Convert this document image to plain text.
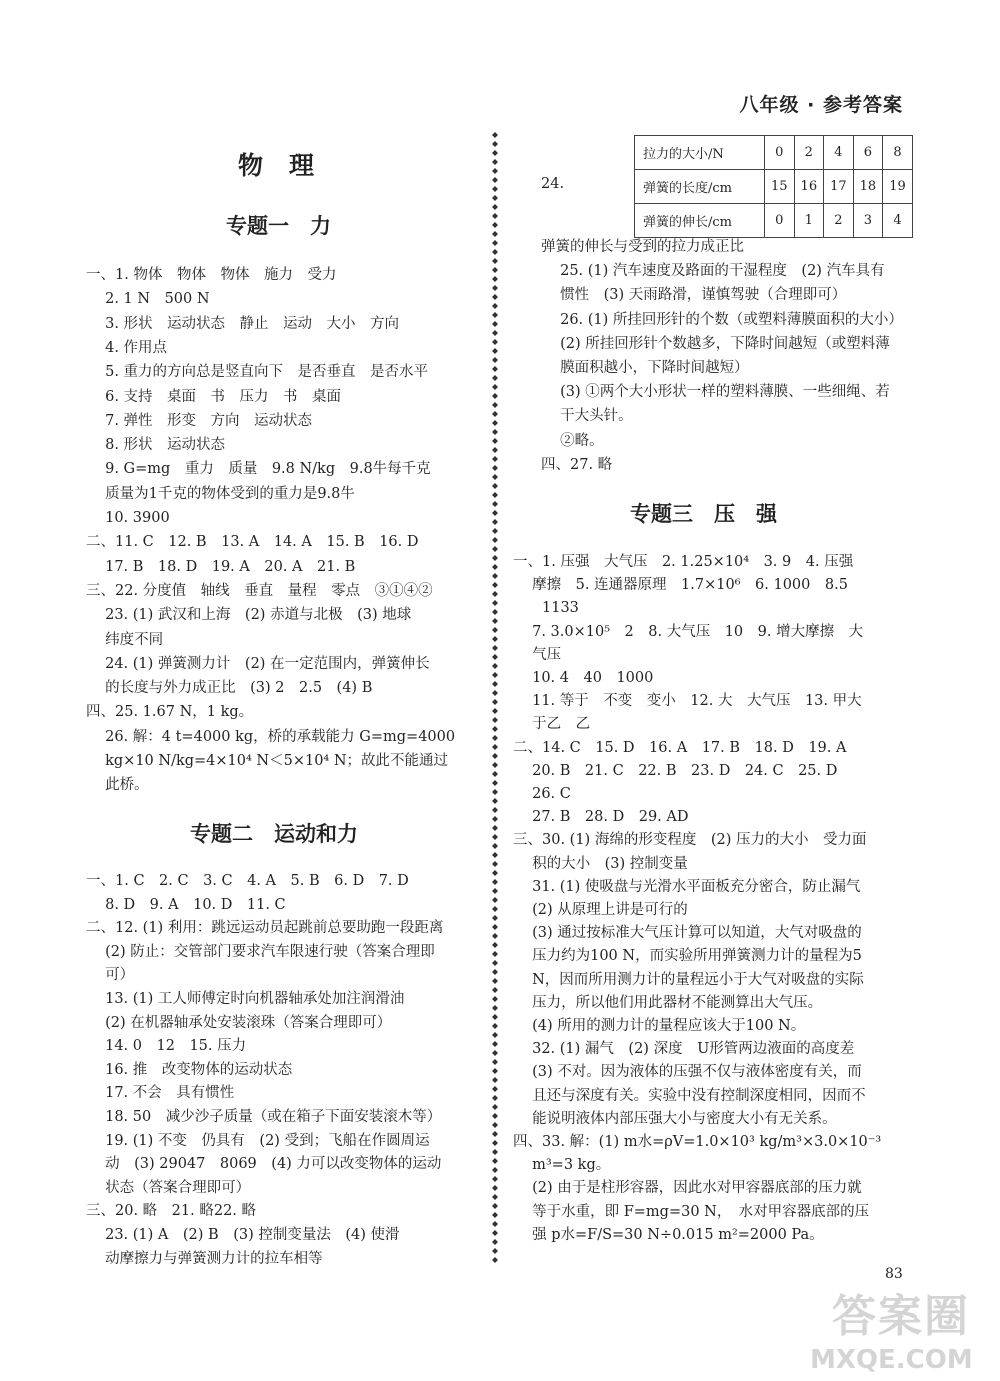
八年级 · 参考答案
物理
专题一　力
一、1. 物体　物体　物体　施力　受力
　 2. 1 N　500 N
　 3. 形状　运动状态　静止　运动　大小　方向
　 4. 作用点
　 5. 重力的方向总是竖直向下　是否垂直　是否水平
　 6. 支持　桌面　书　压力　书　桌面
　 7. 弹性　形变　方向　运动状态
　 8. 形状　运动状态
　 9. G=mg　重力　质量　9.8 N/kg　9.8牛每千克
　 质量为1千克的物体受到的重力是9.8牛
　 10. 3900
二、11. C　12. B　13. A　14. A　15. B　16. D
　 17. B　18. D　19. A　20. A　21. B
三、22. 分度值　轴线　垂直　量程　零点　③①④②
　 23. (1) 武汉和上海　(2) 赤道与北极　(3) 地球
　 纬度不同
　 24. (1) 弹簧测力计　(2) 在一定范围内，弹簧伸长
　 的长度与外力成正比　(3) 2　2.5　(4) B
四、25. 1.67 N，1 kg。
　 26. 解：4 t=4000 kg，桥的承载能力 G=mg=4000
　 kg×10 N/kg=4×10⁴ N＜5×10⁴ N；故此不能通过
　 此桥。
专题二　运动和力
一、1. C　2. C　3. C　4. A　5. B　6. D　7. D
　 8. D　9. A　10. D　11. C
二、12. (1) 利用：跳远运动员起跳前总要助跑一段距离
　 (2) 防止：交管部门要求汽车限速行驶（答案合理即
　 可）
　 13. (1) 工人师傅定时向机器轴承处加注润滑油
　 (2) 在机器轴承处安装滚珠（答案合理即可）
　 14. 0　12　15. 压力
　 16. 推　改变物体的运动状态
　 17. 不会　具有惯性
　 18. 50　减少沙子质量（或在箱子下面安装滚木等）
　 19. (1) 不变　仍具有　(2) 受到；飞船在作圆周运
　 动　(3) 29047　8069　(4) 力可以改变物体的运动
　 状态（答案合理即可）
三、20. 略　21. 略22. 略
　 23. (1) A　(2) B　(3) 控制变量法　(4) 使滑
　 动摩擦力与弹簧测力计的拉车相等
24.
拉力的大小/N	0	2	4	6	8
弹簧的长度/cm	15	16	17	18	19
弹簧的伸长/cm	0	1	2	3	4
弹簧的伸长与受到的拉力成正比
　 25. (1) 汽车速度及路面的干湿程度　(2) 汽车具有
　 惯性　(3) 天雨路滑，谨慎驾驶（合理即可）
　 26. (1) 所挂回形针的个数（或塑料薄膜面积的大小）
　 (2) 所挂回形针个数越多，下降时间越短（或塑料薄
　 膜面积越小，下降时间越短）
　 (3) ①两个大小形状一样的塑料薄膜、一些细绳、若
　 干大头针。
　 ②略。
四、27. 略
专题三　压　强
一、1. 压强　大气压　2. 1.25×10⁴　3. 9　4. 压强
　 摩擦　5. 连通器原理　1.7×10⁶　6. 1000　8.5
　　1133
　 7. 3.0×10⁵　2　8. 大气压　10　9. 增大摩擦　大
　 气压
　 10. 4　40　1000
　 11. 等于　不变　变小　12. 大　大气压　13. 甲大
　 于乙　乙
二、14. C　15. D　16. A　17. B　18. D　19. A
　 20. B　21. C　22. B　23. D　24. C　25. D
　 26. C
　 27. B　28. D　29. AD
三、30. (1) 海绵的形变程度　(2) 压力的大小　受力面
　 积的大小　(3) 控制变量
　 31. (1) 使吸盘与光滑水平面板充分密合，防止漏气
　 (2) 从原理上讲是可行的
　 (3) 通过按标准大气压计算可以知道，大气对吸盘的
　 压力约为100 N，而实验所用弹簧测力计的量程为5
　 N，因而所用测力计的量程远小于大气对吸盘的实际
　 压力，所以他们用此器材不能测算出大气压。
　 (4) 所用的测力计的量程应该大于100 N。
　 32. (1) 漏气　(2) 深度　U形管两边液面的高度差
　 (3) 不对。因为液体的压强不仅与液体密度有关，而
　 且还与深度有关。实验中没有控制深度相同，因而不
　 能说明液体内部压强大小与密度大小有无关系。
四、33. 解：(1) m水=ρV=1.0×10³ kg/m³×3.0×10⁻³
　 m³=3 kg。
　 (2) 由于是柱形容器，因此水对甲容器底部的压力就
　 等于水重，即 F=mg=30 N，　水对甲容器底部的压
　 强 p水=F/S=30 N÷0.015 m²=2000 Pa。
83
答案圈
MXQE.COM
